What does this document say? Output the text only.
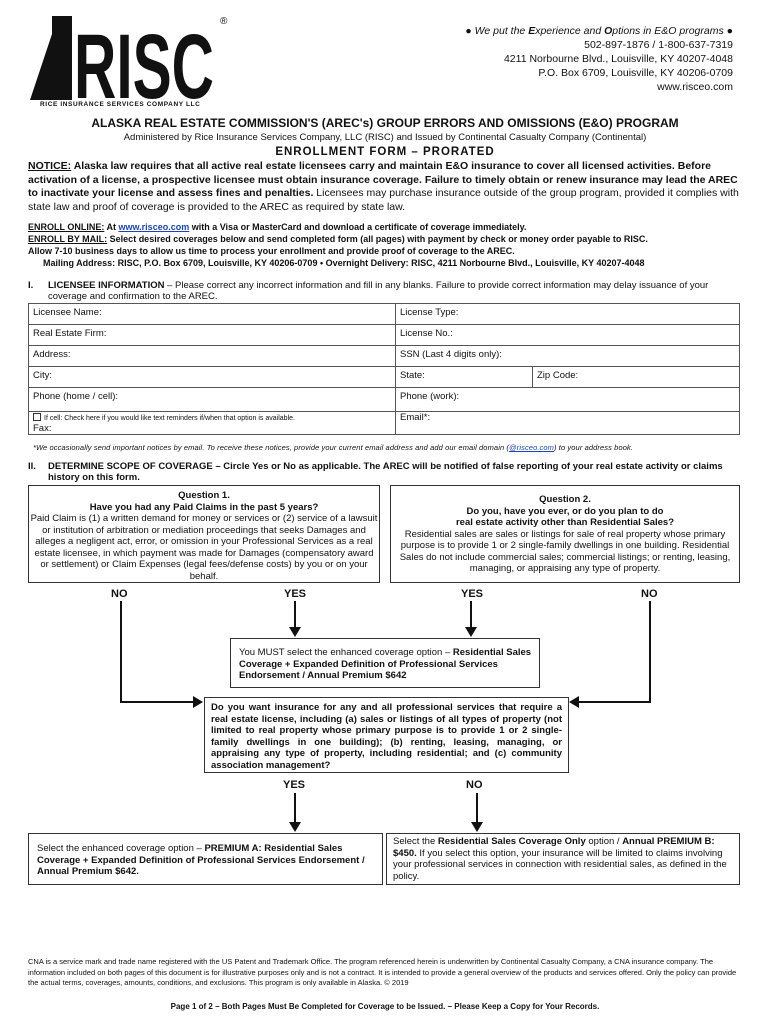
RISC ®
RICE INSURANCE SERVICES COMPANY LLC
● We put the Experience and Options in E&O programs ●
502-897-1876 / 1-800-637-7319
4211 Norbourne Blvd., Louisville, KY 40207-4048
P.O. Box 6709, Louisville, KY 40206-0709
www.risceo.com
ALASKA REAL ESTATE COMMISSION'S (AREC's) GROUP ERRORS AND OMISSIONS (E&O) PROGRAM
Administered by Rice Insurance Services Company, LLC (RISC) and Issued by Continental Casualty Company (Continental)
ENROLLMENT FORM – PRORATED
NOTICE: Alaska law requires that all active real estate licensees carry and maintain E&O insurance to cover all licensed activities. Before activation of a license, a prospective licensee must obtain insurance coverage. Failure to timely obtain or renew insurance may lead the AREC to inactivate your license and assess fines and penalties. Licensees may purchase insurance outside of the group program, provided it complies with state law and proof of coverage is provided to the AREC as required by state law.
ENROLL ONLINE: At www.risceo.com with a Visa or MasterCard and download a certificate of coverage immediately.
ENROLL BY MAIL: Select desired coverages below and send completed form (all pages) with payment by check or money order payable to RISC.
Allow 7-10 business days to allow us time to process your enrollment and provide proof of coverage to the AREC.
Mailing Address: RISC, P.O. Box 6709, Louisville, KY 40206-0709 • Overnight Delivery: RISC, 4211 Norbourne Blvd., Louisville, KY 40207-4048
I.	LICENSEE INFORMATION – Please correct any incorrect information and fill in any blanks. Failure to provide correct information may delay issuance of your coverage and confirmation to the AREC.
Licensee Name:	License Type:	
Real Estate Firm:	License No.:	
Address:	SSN (Last 4 digits only):	
City:	State:	Zip Code:
Phone (home / cell):	Phone (work):	

If cell: Check here if you would like text reminders if/when that option is available.
Fax:	Email*:	
*We occasionally send important notices by email. To receive these notices, provide your current email address and add our email domain (@risceo.com) to your address book.
II.	DETERMINE SCOPE OF COVERAGE – Circle Yes or No as applicable. The AREC will be notified of false reporting of your real estate activity or claims history on this form.
Question 1.
Have you had any Paid Claims in the past 5 years?
Paid Claim is (1) a written demand for money or services or (2) service of a lawsuit or institution of arbitration or mediation proceedings that seeks Damages and alleges a negligent act, error, or omission in your Professional Services as a real estate licensee, in which payment was made for Damages (compensatory award or settlement) or Claim Expenses (legal fees/defense costs) by you or on your behalf.
Question 2.
Do you, have you ever, or do you plan to do
real estate activity other than Residential Sales?
Residential sales are sales or listings for sale of real property whose primary purpose is to provide 1 or 2 single-family dwellings in one building. Residential Sales do not include commercial sales; commercial listings; or renting, leasing, managing, or appraising any type of property.
NO	YES	YES	NO
You MUST select the enhanced coverage option – Residential Sales Coverage + Expanded Definition of Professional Services Endorsement / Annual Premium $642
Do you want insurance for any and all professional services that require a real estate license, including (a) sales or listings of all types of property (not limited to real property whose primary purpose is to provide 1 or 2 single-family dwellings in one building); (b) renting, leasing, managing, or appraising any type of property, including residential; and (c) community association management?
YES	NO
Select the enhanced coverage option – PREMIUM A: Residential Sales Coverage + Expanded Definition of Professional Services Endorsement / Annual Premium $642.
Select the Residential Sales Coverage Only option / Annual PREMIUM B: $450. If you select this option, your insurance will be limited to claims involving your professional services in connection with residential sales, as defined in the policy.
CNA is a service mark and trade name registered with the US Patent and Trademark Office. The program referenced herein is underwritten by Continental Casualty Company, a CNA insurance company. The information included on both pages of this document is for illustrative purposes only and is not a contract. It is intended to provide a general overview of the products and services offered. Only the policy can provide the actual terms, coverages, amounts, conditions, and exclusions. This program is only available in Alaska. © 2019
Page 1 of 2 – Both Pages Must Be Completed for Coverage to be Issued. – Please Keep a Copy for Your Records.
